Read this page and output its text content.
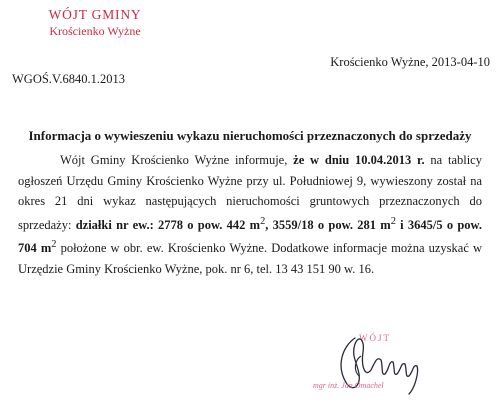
WÓJT GMINY
Krościenko Wyżne
Krościenko Wyżne, 2013-04-10
WGOŚ.V.6840.1.2013
Informacja o wywieszeniu wykazu nieruchomości przeznaczonych do sprzedaży
Wójt Gminy Krościenko Wyżne informuje, że w dniu 10.04.2013 r. na tablicy ogłoszeń Urzędu Gminy Krościenko Wyżne przy ul. Południowej 9, wywieszony został na okres 21 dni wykaz następujących nieruchomości gruntowych przeznaczonych do sprzedaży: działki nr ew.: 2778 o pow. 442 $m^2$, 3559/18 o pow. 281 $m^2$ i 3645/5 o pow. 704 $m^2$ położone w obr. ew. Krościenko Wyżne. Dodatkowe informacje można uzyskać w Urzędzie Gminy Krościenko Wyżne, pok. nr 6, tel. 13 43 151 90 w. 16.
WÓJT
mgr inż. Jan Omachel
